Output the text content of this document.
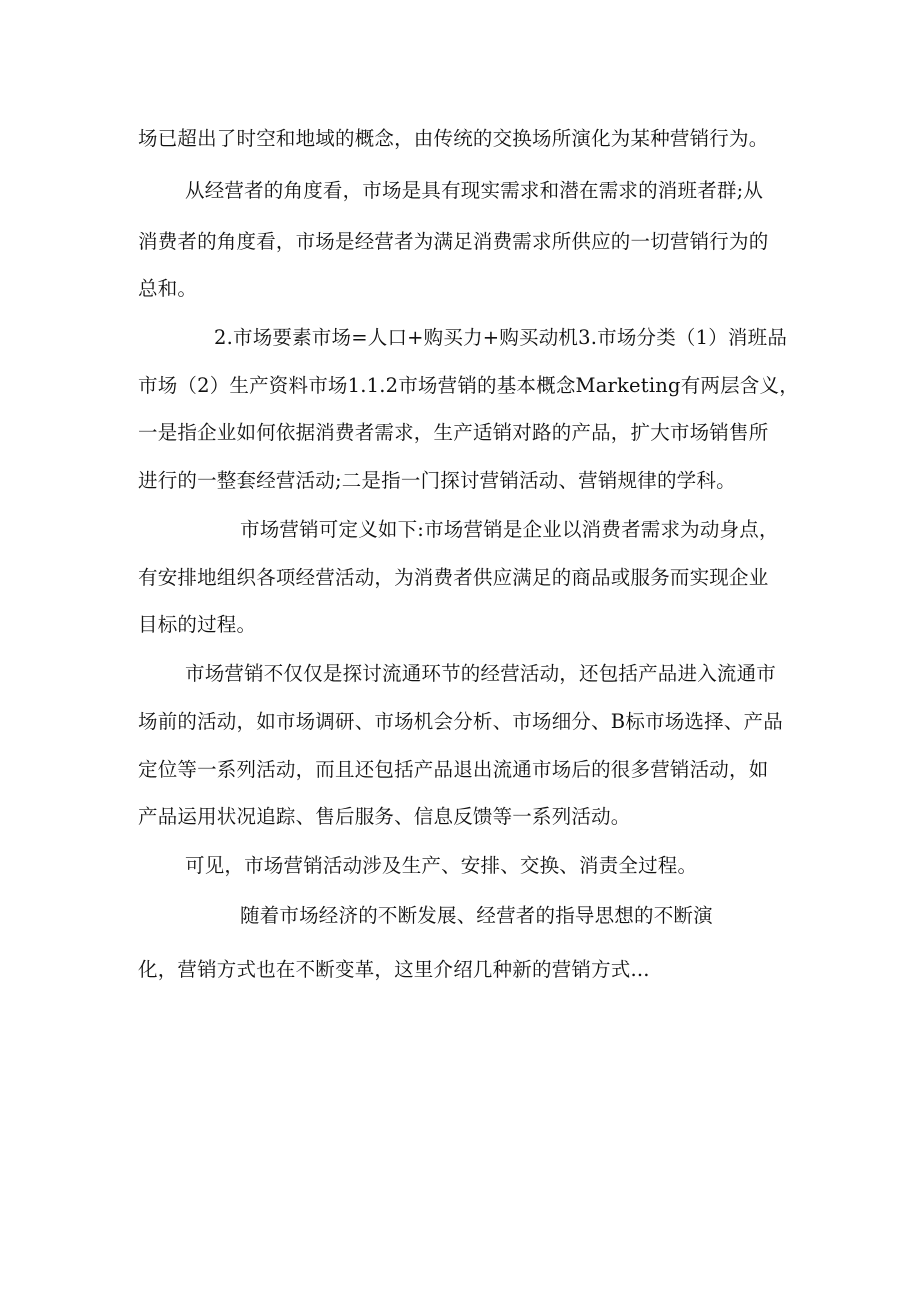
场已超出了时空和地域的概念，由传统的交换场所演化为某种营销行为。
从经营者的角度看，市场是具有现实需求和潜在需求的消班者群;从
消费者的角度看，市场是经营者为满足消费需求所供应的一切营销行为的
总和。
2.市场要素市场=人口+购买力+购买动机3.市场分类（1）消班品
市场（2）生产资料市场1.1.2市场营销的基本概念Marketing有两层含义，
一是指企业如何依据消费者需求，生产适销对路的产品，扩大市场销售所
进行的一整套经营活动;二是指一门探讨营销活动、营销规律的学科。
市场营销可定义如下:市场营销是企业以消费者需求为动身点，
有安排地组织各项经营活动，为消费者供应满足的商品或服务而实现企业
目标的过程。
市场营销不仅仅是探讨流通环节的经营活动，还包括产品进入流通市
场前的活动，如市场调研、市场机会分析、市场细分、B标市场选择、产品
定位等一系列活动，而且还包括产品退出流通市场后的很多营销活动，如
产品运用状况追踪、售后服务、信息反馈等一系列活动。
可见，市场营销活动涉及生产、安排、交换、消责全过程。
随着市场经济的不断发展、经营者的指导思想的不断演
化，营销方式也在不断变革，这里介绍几种新的营销方式...
